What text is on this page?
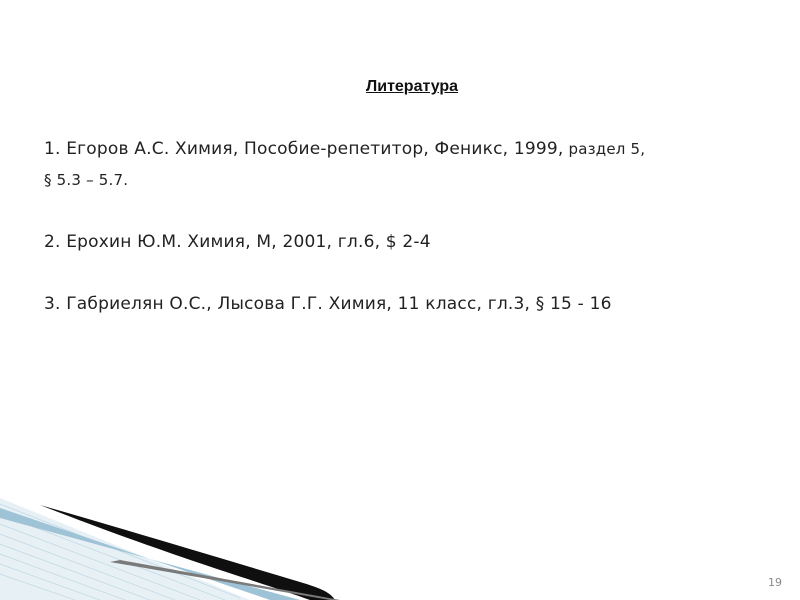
Литература
1. Егоров А.С. Химия, Пособие-репетитор, Феникс, 1999, раздел 5,
§ 5.3 – 5.7.
2. Ерохин Ю.М. Химия, М, 2001, гл.6, $ 2-4
3. Габриелян О.С., Лысова Г.Г. Химия, 11 класс, гл.3, § 15 - 16
19
